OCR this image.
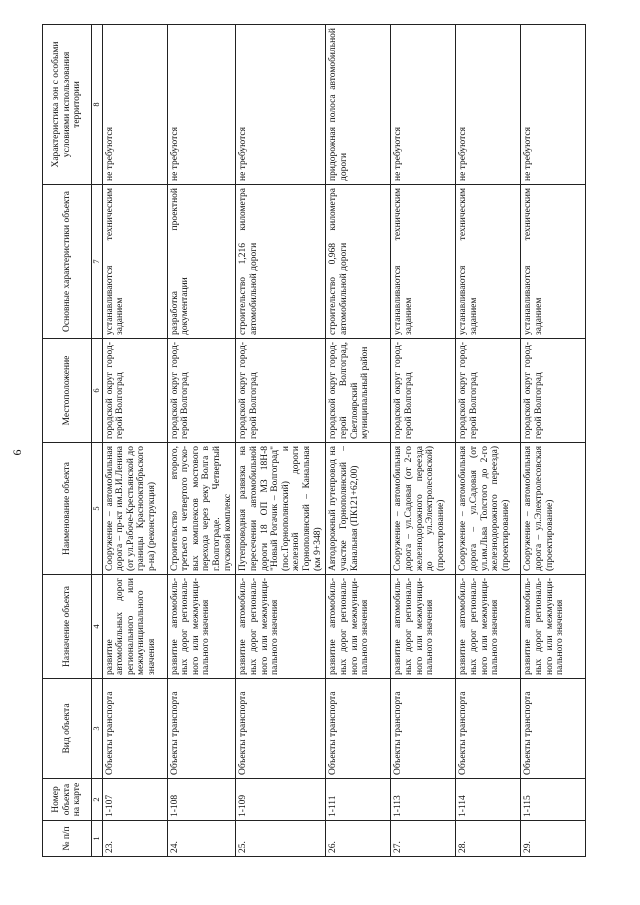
6
№ п/п	Номер объекта на карте	Вид объекта	Назначение объекта	Наименование объекта	Местоположение	Основные характеристики объекта	Характеристика зон с особыми условиями использования территории
1	2	3	4	5	6	7	8
23.	1-107	Объекты транспорта	развитие автомобильных дорог регионального или межмуниципального значения	Сооружение – автомобильная дорога – пр-кт им.В.И.Ленина (от ул.Рабоче-Крестьянской до границы Краснооктябрьского р-на) (реконструкция)	городской округ город-герой Волгоград	устанавливаются техническим заданием	не требуются
24.	1-108	Объекты транспорта	развитие автомобильных дорог регионального или межмуниципального значения	Строительство второго, третьего и четвертого пусковых комплексов мостового перехода через реку Волга в г.Волгограде. Четвертый пусковой комплекс	городской округ город-герой Волгоград	разработка проектной документации	не требуются
25.	1-109	Объекты транспорта	развитие автомобильных дорог регионального или межмуниципального значения	Путепроводная развязка на пересечении автомобильной дороги 18 ОП МЗ 18Н-8 "Новый Рогачик – Волгоград" (пос.Горнополянский) и железной дороги Горнополянский – Канальная (км 9+348)	городской округ город-герой Волгоград	строительство 1,216 километра автомобильной дороги	не требуются
26.	1-111	Объекты транспорта	развитие автомобильных дорог регионального или межмуниципального значения	Автодорожный путепровод на участке Горнополянский – Канальная (ПК121+62,00)	городской округ город-герой Волгоград, Светлоярский муниципальный район	строительство 0,968 километра автомобильной дороги	придорожная полоса автомобильной дороги
27.	1-113	Объекты транспорта	развитие автомобильных дорог регионального или межмуниципального значения	Сооружение – автомобильная дорога – ул.Садовая (от 2-го железнодорожного переезда до ул.Электролесовской) (проектирование)	городской округ город-герой Волгоград	устанавливаются техническим заданием	не требуются
28.	1-114	Объекты транспорта	развитие автомобильных дорог регионального или межмуниципального значения	Сооружение – автомобильная дорога – ул.Садовая (от ул.им.Льва Толстого до 2-го железнодорожного переезда) (проектирование)	городской округ город-герой Волгоград	устанавливаются техническим заданием	не требуются
29.	1-115	Объекты транспорта	развитие автомобильных дорог регионального или межмуниципального значения	Сооружение – автомобильная дорога – ул.Электролесовская (проектирование)	городской округ город-герой Волгоград	устанавливаются техническим заданием	не требуются
